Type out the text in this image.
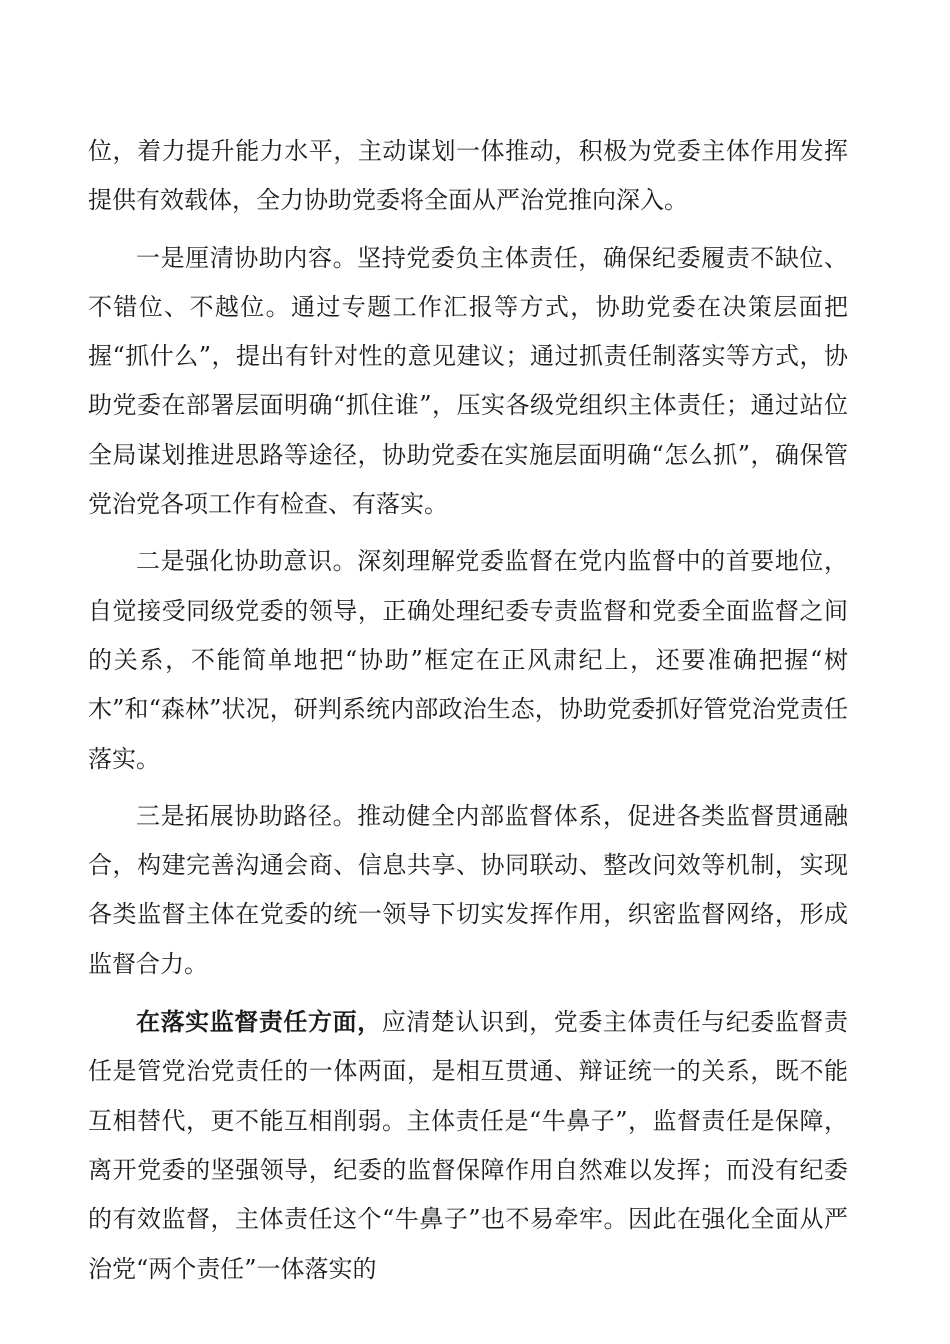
位，着力提升能力水平，主动谋划一体推动，积极为党委主体作用发挥提供有效载体，全力协助党委将全面从严治党推向深入。

一是厘清协助内容。坚持党委负主体责任，确保纪委履责不缺位、不错位、不越位。通过专题工作汇报等方式，协助党委在决策层面把握“抓什么”，提出有针对性的意见建议；通过抓责任制落实等方式，协助党委在部署层面明确“抓住谁”，压实各级党组织主体责任；通过站位全局谋划推进思路等途径，协助党委在实施层面明确“怎么抓”，确保管党治党各项工作有检查、有落实。

二是强化协助意识。深刻理解党委监督在党内监督中的首要地位，自觉接受同级党委的领导，正确处理纪委专责监督和党委全面监督之间的关系，不能简单地把“协助”框定在正风肃纪上，还要准确把握“树木”和“森林”状况，研判系统内部政治生态，协助党委抓好管党治党责任落实。

三是拓展协助路径。推动健全内部监督体系，促进各类监督贯通融合，构建完善沟通会商、信息共享、协同联动、整改问效等机制，实现各类监督主体在党委的统一领导下切实发挥作用，织密监督网络，形成监督合力。

在落实监督责任方面，应清楚认识到，党委主体责任与纪委监督责任是管党治党责任的一体两面，是相互贯通、辩证统一的关系，既不能互相替代，更不能互相削弱。主体责任是“牛鼻子”，监督责任是保障，离开党委的坚强领导，纪委的监督保障作用自然难以发挥；而没有纪委的有效监督，主体责任这个“牛鼻子”也不易牵牢。因此在强化全面从严治党“两个责任”一体落实的
